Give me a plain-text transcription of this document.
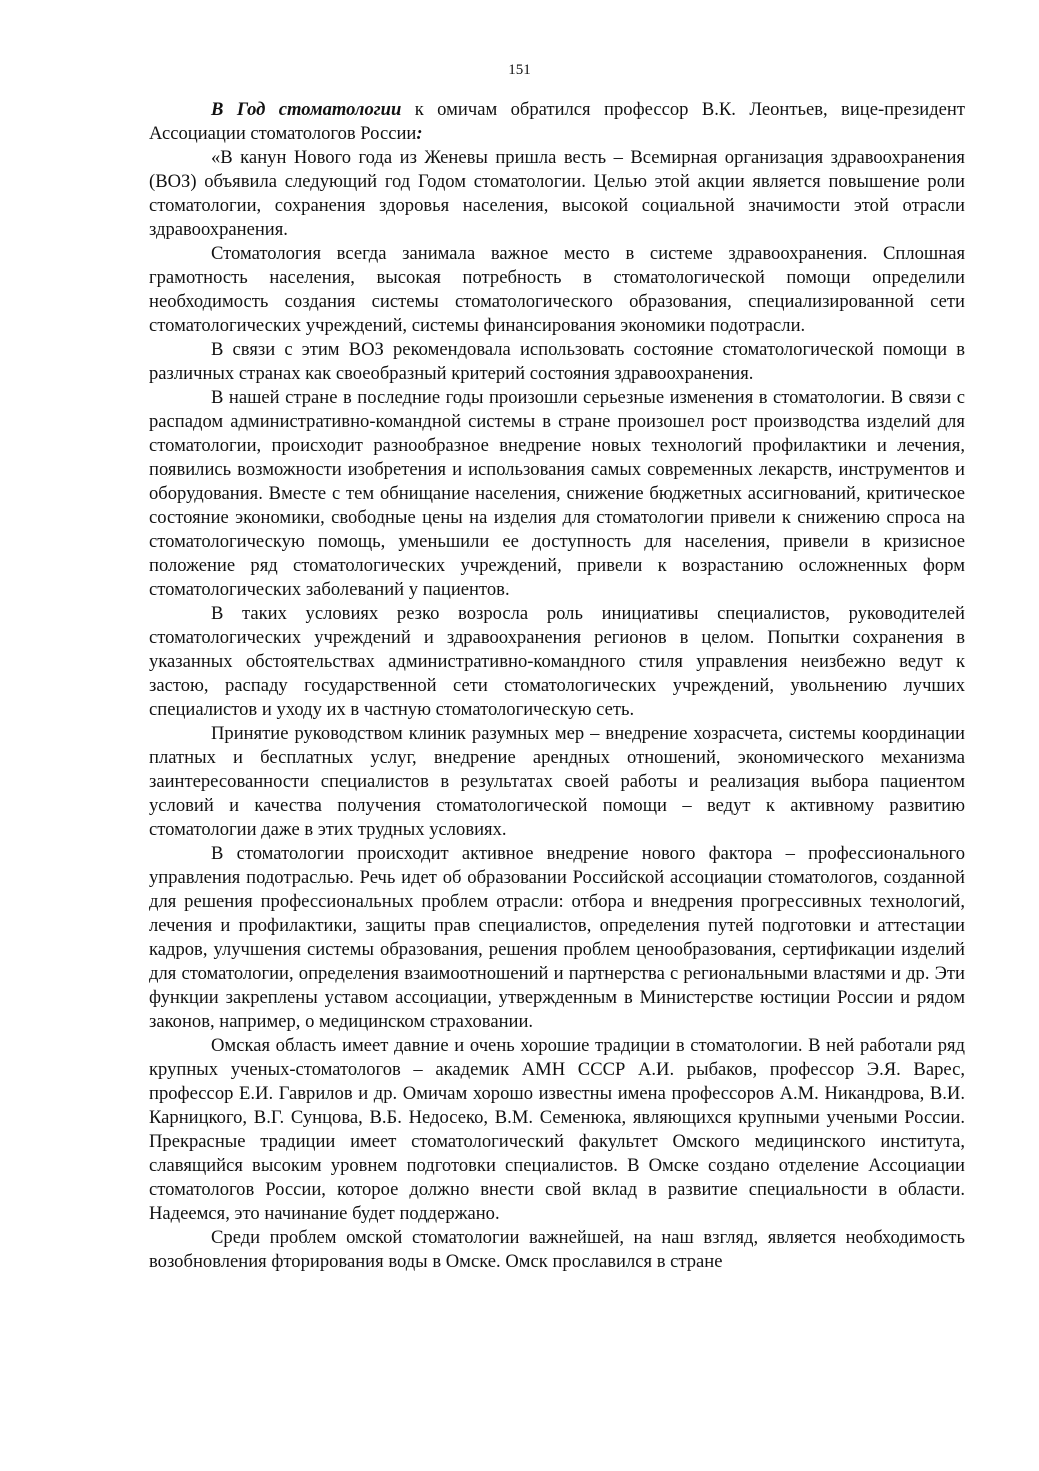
151

В Год стоматологии к омичам обратился профессор В.К. Леонтьев, вице-президент Ассоциации стоматологов России:

«В канун Нового года из Женевы пришла весть – Всемирная организация здравоохранения (ВОЗ) объявила следующий год Годом стоматологии. Целью этой акции является повышение роли стоматологии, сохранения здоровья населения, высокой социальной значимости этой отрасли здравоохранения.

Стоматология всегда занимала важное место в системе здравоохранения. Сплошная грамотность населения, высокая потребность в стоматологической помощи определили необходимость создания системы стоматологического образования, специализированной сети стоматологических учреждений, системы финансирования экономики подотрасли.

В связи с этим ВОЗ рекомендовала использовать состояние стоматологической помощи в различных странах как своеобразный критерий состояния здравоохранения.

В нашей стране в последние годы произошли серьезные изменения в стоматологии. В связи с распадом административно-командной системы в стране произошел рост производства изделий для стоматологии, происходит разнообразное внедрение новых технологий профилактики и лечения, появились возможности изобретения и использования самых современных лекарств, инструментов и оборудования. Вместе с тем обнищание населения, снижение бюджетных ассигнований, критическое состояние экономики, свободные цены на изделия для стоматологии привели к снижению спроса на стоматологическую помощь, уменьшили ее доступность для населения, привели в кризисное положение ряд стоматологических учреждений, привели к возрастанию осложненных форм стоматологических заболеваний у пациентов.

В таких условиях резко возросла роль инициативы специалистов, руководителей стоматологических учреждений и здравоохранения регионов в целом. Попытки сохранения в указанных обстоятельствах административно-командного стиля управления неизбежно ведут к застою, распаду государственной сети стоматологических учреждений, увольнению лучших специалистов и уходу их в частную стоматологическую сеть.

Принятие руководством клиник разумных мер – внедрение хозрасчета, системы координации платных и бесплатных услуг, внедрение арендных отношений, экономического механизма заинтересованности специалистов в результатах своей работы и реализация выбора пациентом условий и качества получения стоматологической помощи – ведут к активному развитию стоматологии даже в этих трудных условиях.

В стоматологии происходит активное внедрение нового фактора – профессионального управления подотраслью. Речь идет об образовании Российской ассоциации стоматологов, созданной для решения профессиональных проблем отрасли: отбора и внедрения прогрессивных технологий, лечения и профилактики, защиты прав специалистов, определения путей подготовки и аттестации кадров, улучшения системы образования, решения проблем ценообразования, сертификации изделий для стоматологии, определения взаимоотношений и партнерства с региональными властями и др. Эти функции закреплены уставом ассоциации, утвержденным в Министерстве юстиции России и рядом законов, например, о медицинском страховании.

Омская область имеет давние и очень хорошие традиции в стоматологии. В ней работали ряд крупных ученых-стоматологов – академик АМН СССР А.И. рыбаков, профессор Э.Я. Варес, профессор Е.И. Гаврилов и др. Омичам хорошо известны имена профессоров А.М. Никандрова, В.И. Карницкого, В.Г. Сунцова, В.Б. Недосеко, В.М. Семенюка, являющихся крупными учеными России. Прекрасные традиции имеет стоматологический факультет Омского медицинского института, славящийся высоким уровнем подготовки специалистов. В Омске создано отделение Ассоциации стоматологов России, которое должно внести свой вклад в развитие специальности в области. Надеемся, это начинание будет поддержано.

Среди проблем омской стоматологии важнейшей, на наш взгляд, является необходимость возобновления фторирования воды в Омске. Омск прославился в стране
